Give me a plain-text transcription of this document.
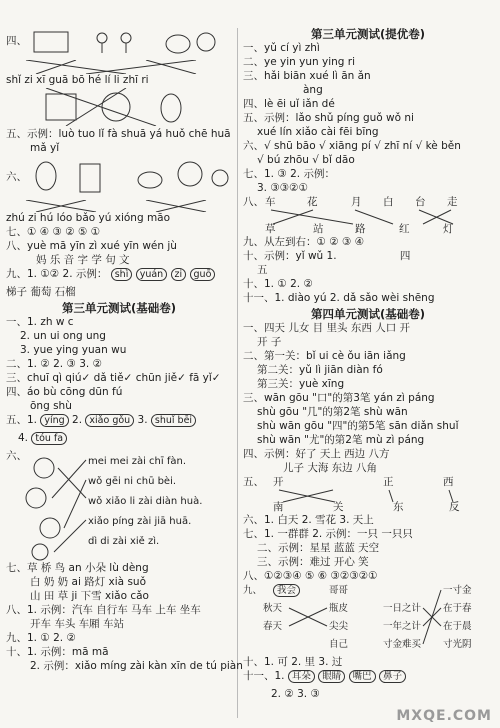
四、
shǐ zi xī guā bō hé lí li zhī ri
五、示例：luò tuo lǐ fà shuā yá huǒ chē huā
mǎ yǐ
六、
zhú zi hú lóo bǎo yú xióng māo
七、① ④ ③ ② ⑤ ①
八、yuè mā yīn zì xué yīn wén jù
妈 乐 音 字 学 句 文
九、1. ①② 2. 示例： shì yuán zi guō
梯子 葡萄 石榴
第三单元测试(基础卷)
一、1. zh w c
2. un ui ong ung
3. yue ying yuan wu
二、1. ② 2. ③ 3. ②
三、chuī qì qiú✓ dǎ tiě✓ chūn jiě✓ fā yǐ✓
四、áo bù cōng dūn fú
ōng shù
五、1. yíng 2. xiǎo gǒu 3. shuǐ bēi
4. tóu fa
六、	mei mei zài chī fàn.
wǒ gēi ni chū bèi.
wǒ xiǎo li zài diàn huà.
xiǎo píng zài jiā huā.
dì di zài xiě zì.
七、草 桥 鸟 an 小朵 lù dèng
白 奶 奶 ai 路灯 xià suǒ
山 田 草 ji 下雪 xiǎo cǎo
八、1. 示例：汽车 自行车 马车 上车 坐车
开车 车头 车厢 车站
九、1. ① 2. ②
十、1. 示例：mā mā
2. 示例：xiǎo míng zài kàn xīn de tú piàn
第三单元测试(提优卷)
一、yǔ cí yì zhì
二、ye yin yun ying ri
三、hǎi biān xué lì ān ǎn
àng
四、lè ēi uǐ iǎn dé
五、示例：lǎo shǔ píng guǒ wǒ ni
xué lín xiǎo cài fēi bīng
六、√ shū bāo √ xiāng pí √ zhī ní √ kè běn
√ bú zhōu √ bǐ dāo
七、1. ③ 2. 示例：
3. ③③②①
八、 车	花	月 白 台 走
草	站	路	红	灯
九、从左到右：① ② ③ ④
十、示例：yǐ wǔ 1.	四
五
十、1. ① 2. ②
十一、1. diào yú 2. dǎ sǎo wèi shēng
第四单元测试(基础卷)
一、四天 儿女 目 里头 东西 人口 开
开 子
二、第一关：bǐ ui cè ǒu iān iǎng
第二关：yǔ lì jiān diàn fó
第三关：yuè xīng
三、wān gōu "口"的第3笔 yán zì páng
shù gōu "几"的第2笔 shù wān
shù wān gōu "四"的第5笔 sān diǎn shuǐ
shù wān "尤"的第2笔 mù zì páng
四、示例：好了 天上 西边 八方
儿子 大海 东边 八角
五、 开	正	西
南	关	东	反
六、1. 白天 2. 雪花 3. 天上
七、1. 一群群 2. 示例：一只 一只只
二、示例：星星 蓝蓝 天空
三、示例：难过 开心 笑
八、①②③④ ⑤ ⑥ ③②③②①
九、	我会	哥哥
秋天	瓶皮	一日之计
一寸金
春天	尖尖
在于春
一年之计 在于晨
自己	寸金难买 寸光阴
十、1. 可 2. 里 3. 过
十一、1. 耳朵 眼睛 嘴巴 鼻子
2. ② 3. ③
MXQE.COM
